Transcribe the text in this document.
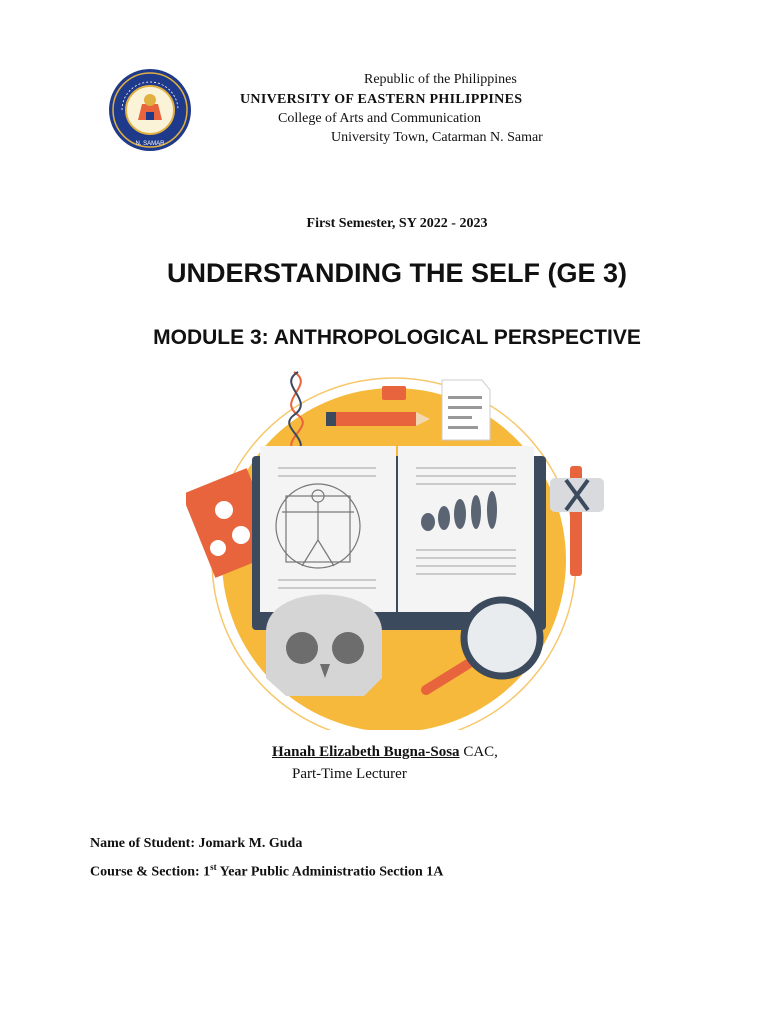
N. SAMAR
Republic of the Philippines
UNIVERSITY OF EASTERN PHILIPPINES
College of Arts and Communication
University Town, Catarman N. Samar
First Semester, SY 2022 - 2023
UNDERSTANDING THE SELF (GE 3)
MODULE 3: ANTHROPOLOGICAL PERSPECTIVE
Hanah Elizabeth Bugna-Sosa CAC,
Part-Time Lecturer
Name of Student: Jomark M. Guda
Course & Section: 1st Year Public Administratio Section 1A
